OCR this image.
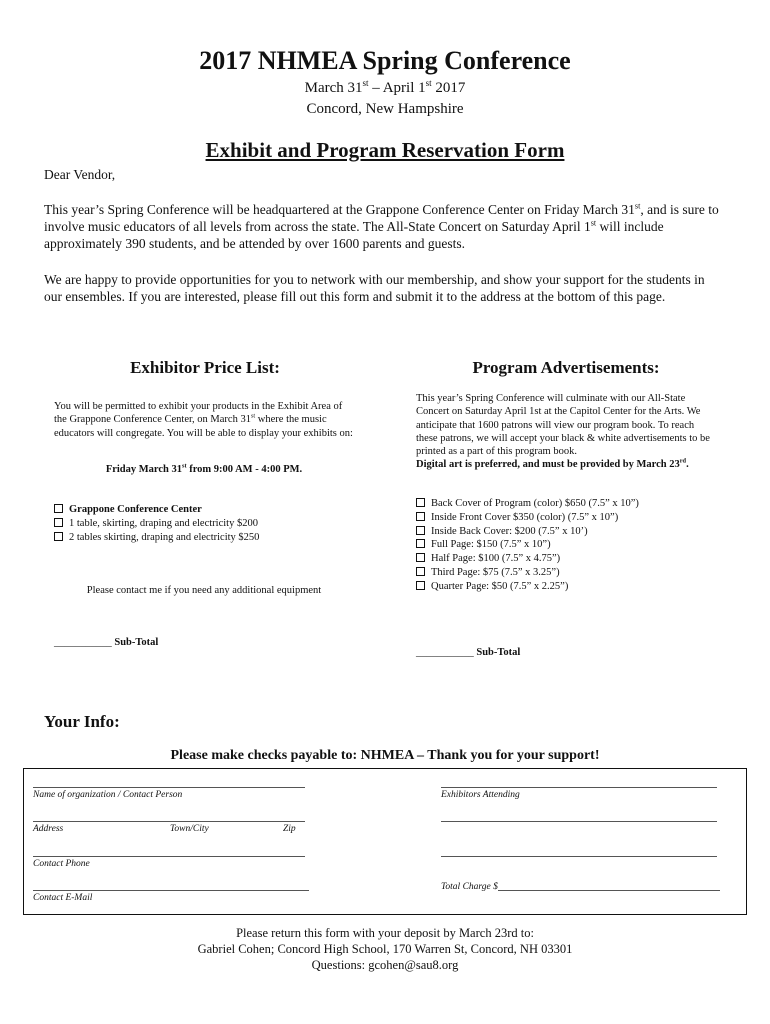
2017 NHMEA Spring Conference
March 31st – April 1st 2017
Concord, New Hampshire
Exhibit and Program Reservation Form
Dear Vendor,
This year’s Spring Conference will be headquartered at the Grappone Conference Center on Friday March 31st, and is sure to involve music educators of all levels from across the state. The All-State Concert on Saturday April 1st will include approximately 390 students, and be attended by over 1600 parents and guests.
We are happy to provide opportunities for you to network with our membership, and show your support for the students in our ensembles. If you are interested, please fill out this form and submit it to the address at the bottom of this page.
Exhibitor Price List:
You will be permitted to exhibit your products in the Exhibit Area of the Grappone Conference Center, on March 31st where the music educators will congregate. You will be able to display your exhibits on:
Friday March 31st from 9:00 AM - 4:00 PM.
Grappone Conference Center
1 table, skirting, draping and electricity $200
2 tables skirting, draping and electricity $250
Please contact me if you need any additional equipment
___________ Sub-Total
Program Advertisements:
This year’s Spring Conference will culminate with our All-State Concert on Saturday April 1st at the Capitol Center for the Arts. We anticipate that 1600 patrons will view our program book. To reach these patrons, we will accept your black & white advertisements to be printed as a part of this program book.
Digital art is preferred, and must be provided by March 23rd.
Back Cover of Program (color) $650 (7.5” x 10”)
Inside Front Cover $350 (color) (7.5” x 10”)
Inside Back Cover: $200 (7.5” x 10’)
Full Page: $150 (7.5” x 10”)
Half Page: $100 (7.5” x 4.75”)
Third Page: $75 (7.5” x 3.25”)
Quarter Page: $50 (7.5” x 2.25”)
___________ Sub-Total
Your Info:
Please make checks payable to: NHMEA – Thank you for your support!
Name of organization / Contact Person
Address	Town/City	Zip
Contact Phone
Contact E-Mail
Exhibitors Attending
Total Charge $
Please return this form with your deposit by March 23rd to:
Gabriel Cohen; Concord High School, 170 Warren St, Concord, NH 03301
Questions: gcohen@sau8.org
